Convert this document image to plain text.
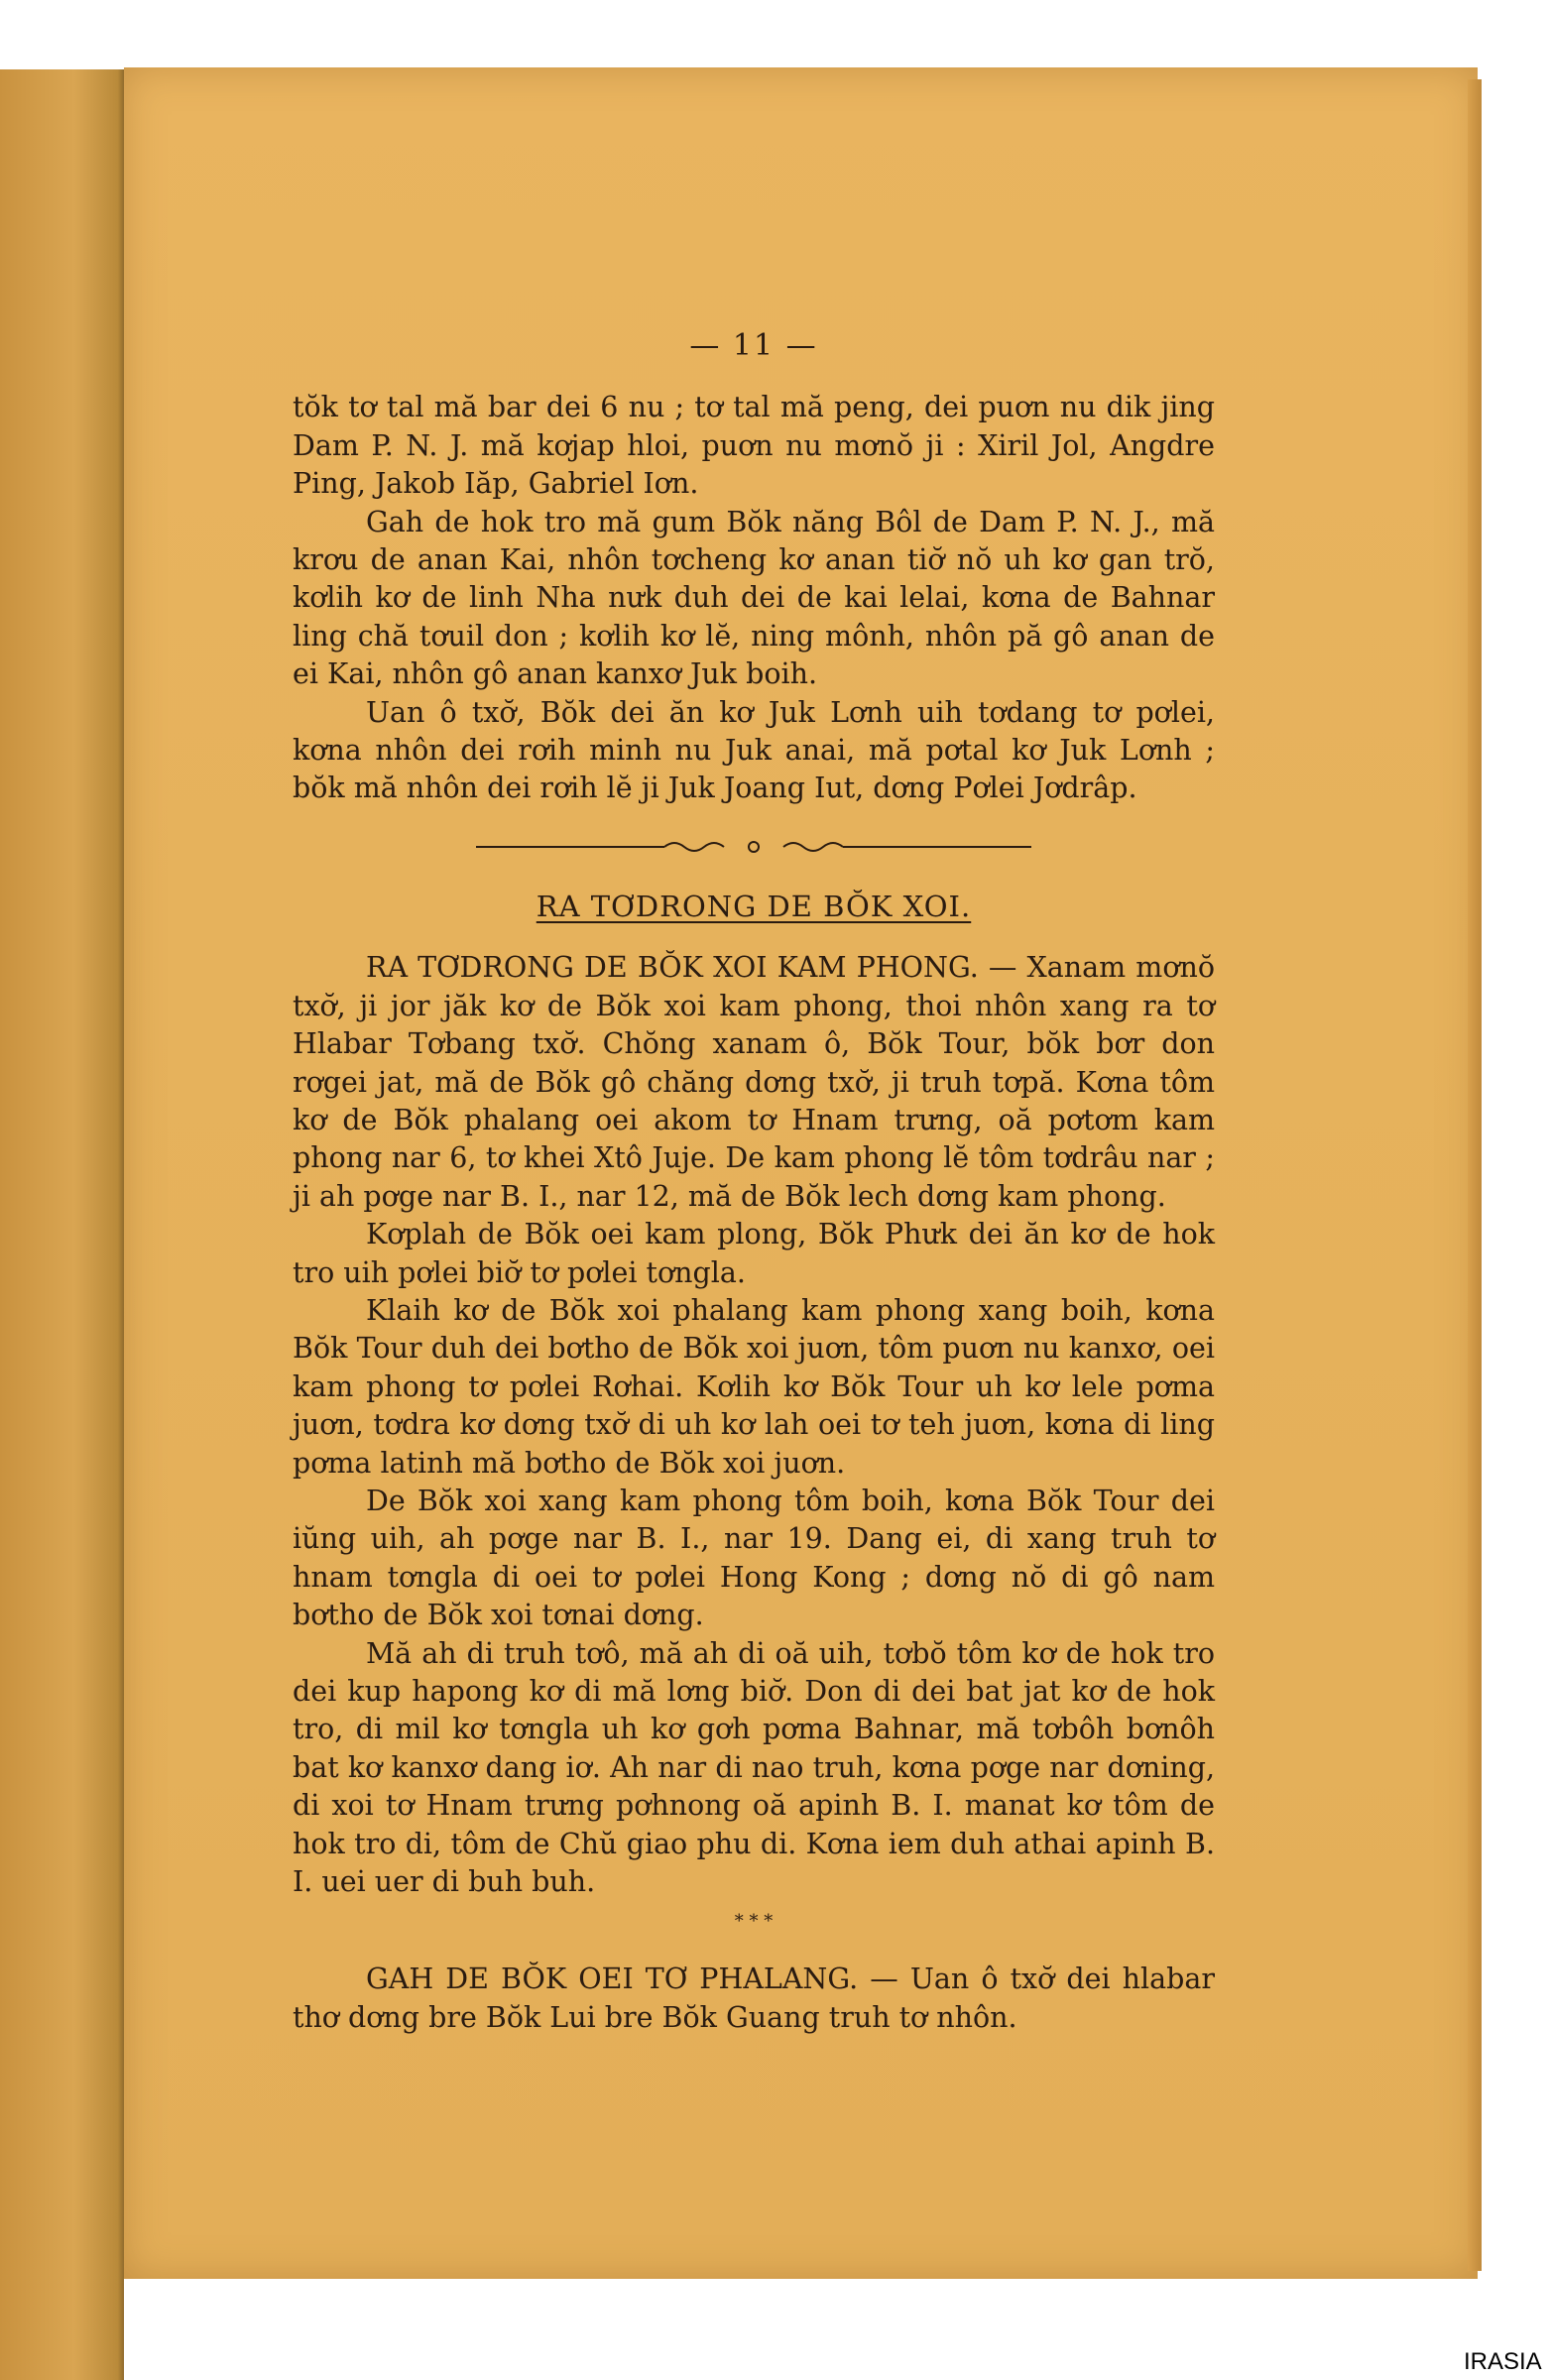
— 11 —

tŏk tơ tal mă bar dei 6 nu ; tơ tal mă peng, dei puơn nu dik jing Dam P. N. J. mă kơjap hloi, puơn nu mơnŏ ji : Xiril Jol, Angdre Ping, Jakob Iăp, Gabriel Iơn.

Gah de hok tro mă gum Bŏk năng Bôl de Dam P. N. J., mă krơu de anan Kai, nhôn tơcheng kơ anan tiơ̆ nŏ uh kơ gan trŏ, kơlih kơ de linh Nha nưk duh dei de kai lelai, kơna de Bahnar ling chă tơuil don ; kơlih kơ lĕ, ning mônh, nhôn pă gô anan de ei Kai, nhôn gô anan kanxơ Juk boih.

Uan ô txơ̆, Bŏk dei ăn kơ Juk Lơnh uih tơdang tơ pơlei, kơna nhôn dei rơih minh nu Juk anai, mă pơtal kơ Juk Lơnh ; bŏk mă nhôn dei rơih lĕ ji Juk Joang Iut, dơng Pơlei Jơdrâp.

RA TƠDRONG DE BŎK XOI.

RA TƠDRONG DE BŎK XOI KAM PHONG. — Xanam mơnŏ txơ̆, ji jor jăk kơ de Bŏk xoi kam phong, thoi nhôn xang ra tơ Hlabar Tơbang txơ̆. Chŏng xanam ô, Bŏk Tour, bŏk bơr don rơgei jat, mă de Bŏk gô chăng dơng txơ̆, ji truh tơpă. Kơna tôm kơ de Bŏk phalang oei akom tơ Hnam trưng, oă pơtơm kam phong nar 6, tơ khei Xtô Juje. De kam phong lĕ tôm tơdrâu nar ; ji ah pơge nar B. I., nar 12, mă de Bŏk lech dơng kam phong.

Kơplah de Bŏk oei kam plong, Bŏk Phưk dei ăn kơ de hok tro uih pơlei biơ̆ tơ pơlei tơngla.

Klaih kơ de Bŏk xoi phalang kam phong xang boih, kơna Bŏk Tour duh dei bơtho de Bŏk xoi juơn, tôm puơn nu kanxơ, oei kam phong tơ pơlei Rơhai. Kơlih kơ Bŏk Tour uh kơ lele pơma juơn, tơdra kơ dơng txơ̆ di uh kơ lah oei tơ teh juơn, kơna di ling pơma latinh mă bơtho de Bŏk xoi juơn.

De Bŏk xoi xang kam phong tôm boih, kơna Bŏk Tour dei iŭng uih, ah pơge nar B. I., nar 19. Dang ei, di xang truh tơ hnam tơngla di oei tơ pơlei Hong Kong ; dơng nŏ di gô nam bơtho de Bŏk xoi tơnai dơng.

Mă ah di truh tơô, mă ah di oă uih, tơbŏ tôm kơ de hok tro dei kup hapong kơ di mă lơng biơ̆. Don di dei bat jat kơ de hok tro, di mil kơ tơngla uh kơ gơh pơma Bahnar, mă tơbôh bơnôh bat kơ kanxơ dang iơ. Ah nar di nao truh, kơna pơge nar dơning, di xoi tơ Hnam trưng pơhnong oă apinh B. I. manat kơ tôm de hok tro di, tôm de Chŭ giao phu di. Kơna iem duh athai apinh B. I. uei uer di buh buh.

* * *

GAH DE BŎK OEI TƠ PHALANG. — Uan ô txơ̆ dei hlabar thơ dơng bre Bŏk Lui bre Bŏk Guang truh tơ nhôn.

IRASIA
